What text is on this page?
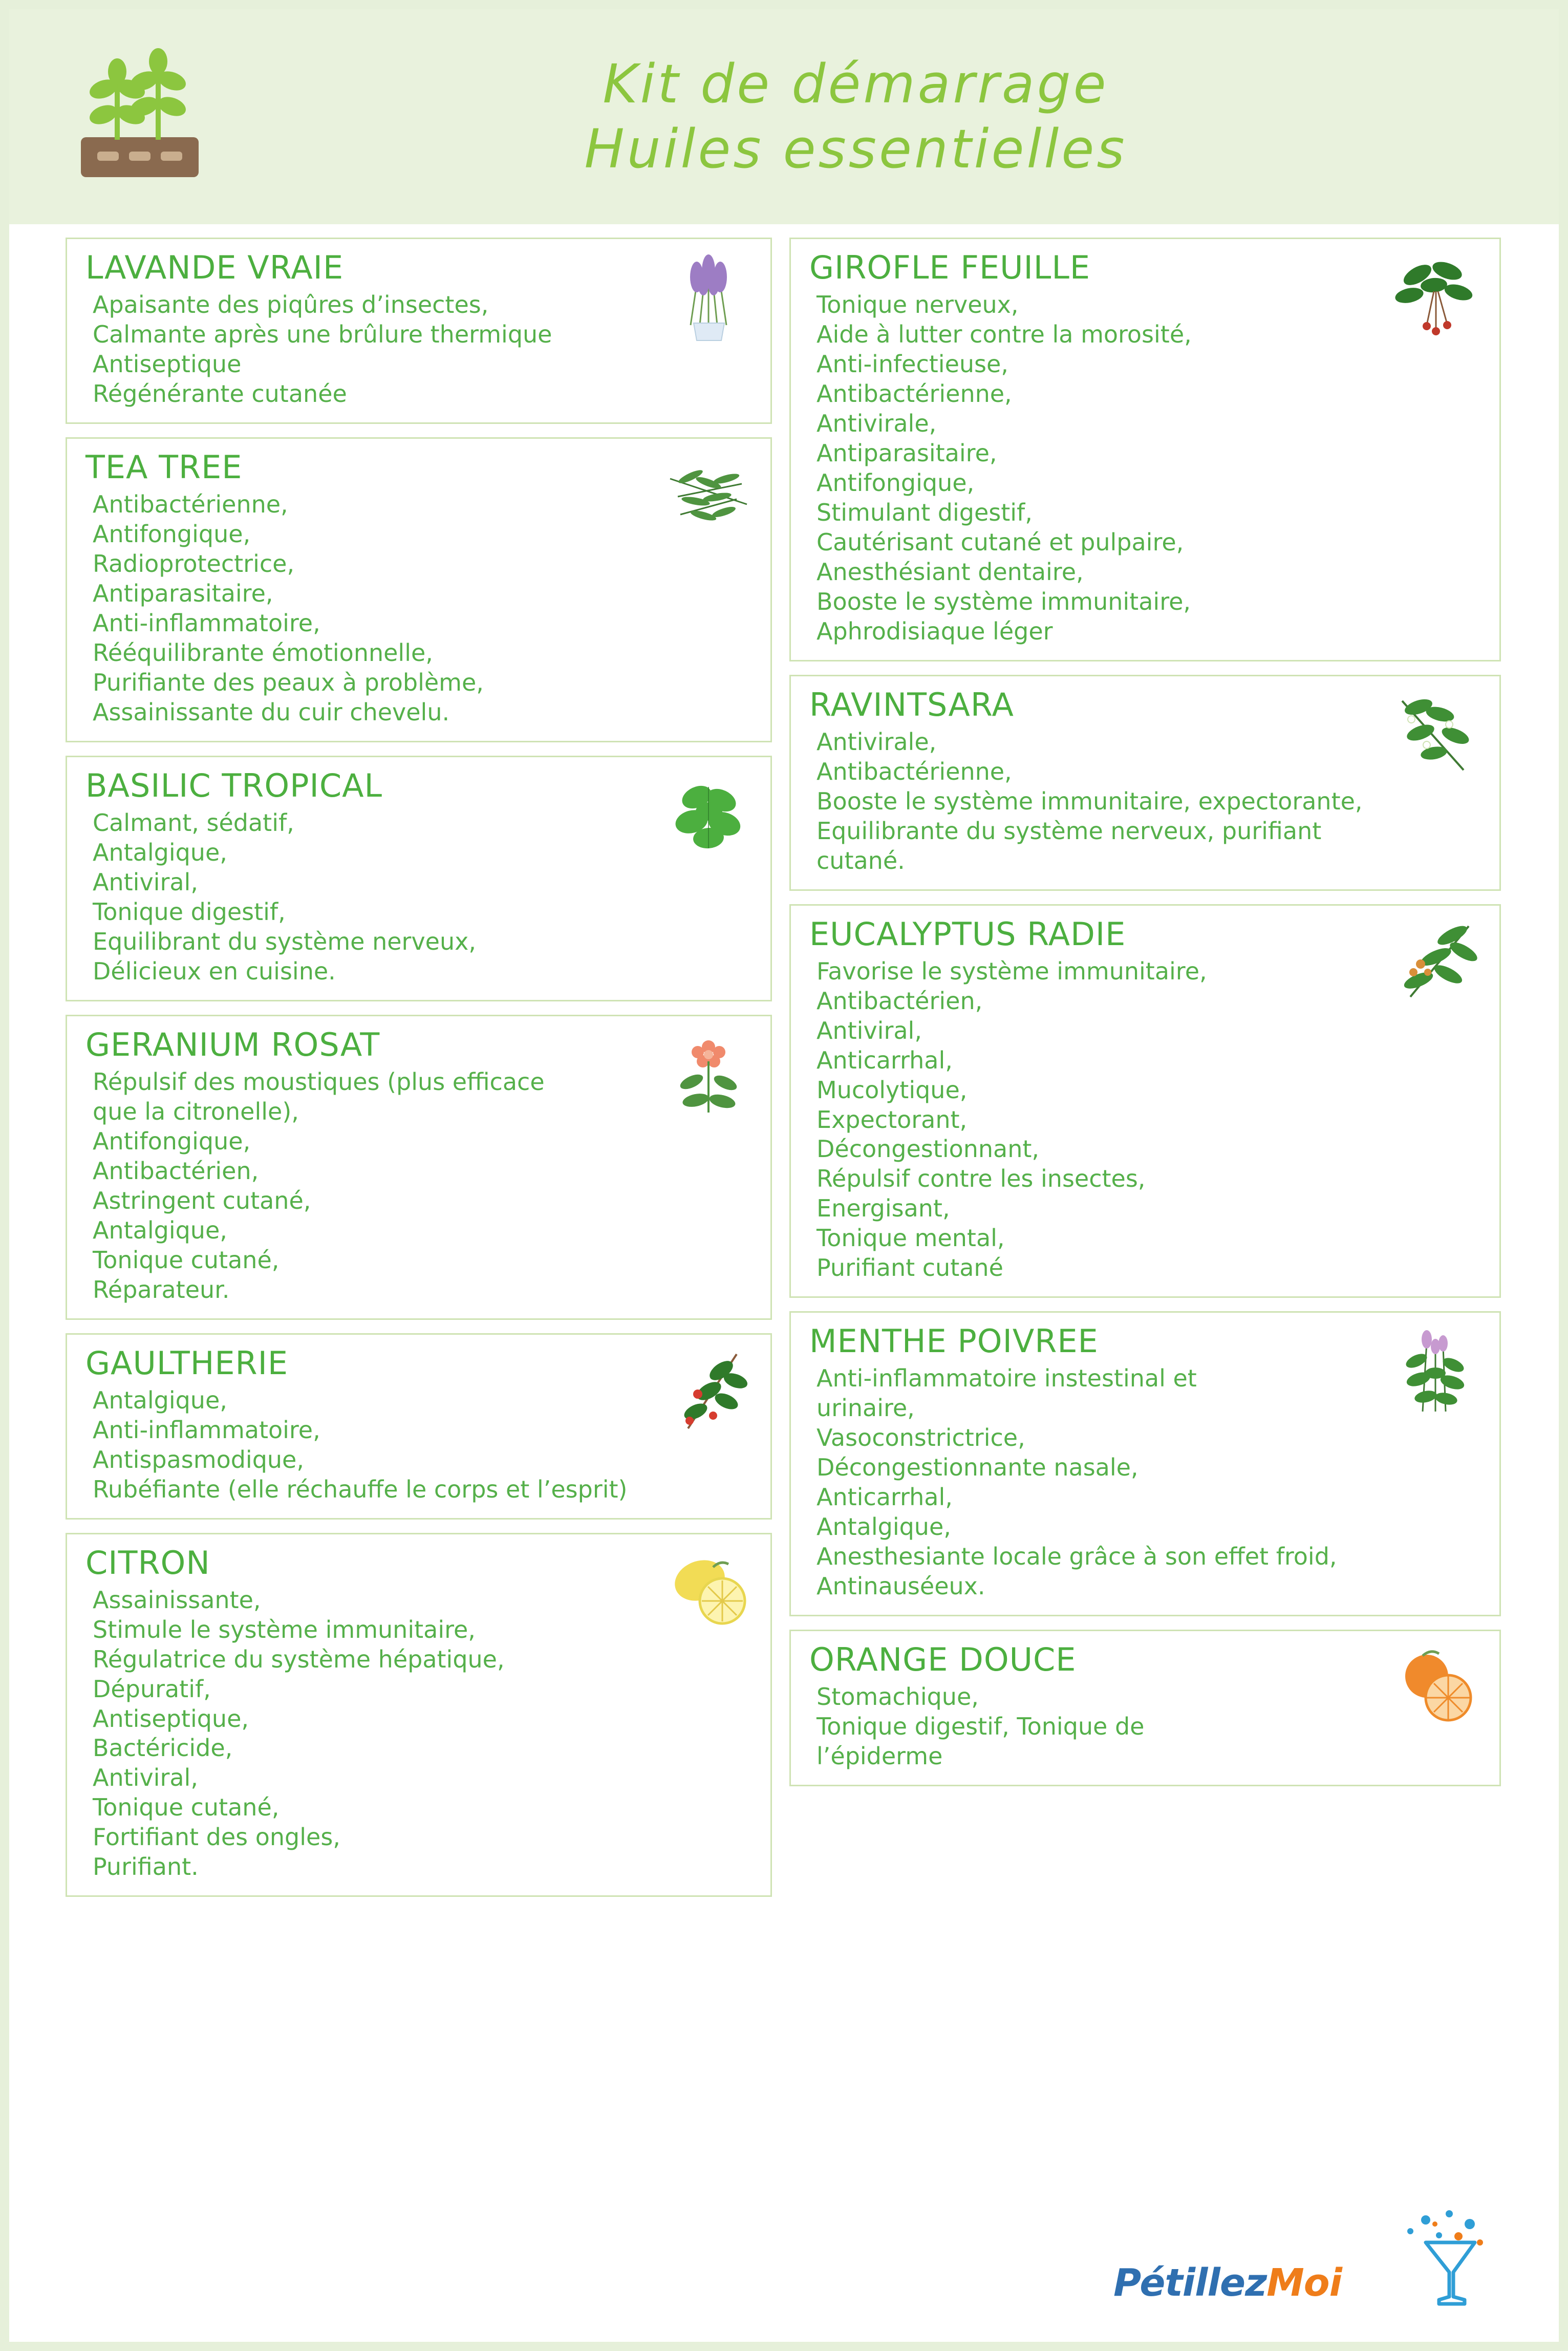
Kit de démarrage
Huiles essentielles
LAVANDE VRAIE
Apaisante des piqûres d’insectes,
Calmante après une brûlure thermique
Antiseptique
Régénérante cutanée
TEA TREE
Antibactérienne,
Antifongique,
Radioprotectrice,
Antiparasitaire,
Anti-inflammatoire,
Rééquilibrante émotionnelle,
Purifiante des peaux à problème,
Assainissante du cuir chevelu.
BASILIC TROPICAL
Calmant, sédatif,
Antalgique,
Antiviral,
Tonique digestif,
Equilibrant du système nerveux,
Délicieux en cuisine.
GERANIUM ROSAT
Répulsif des moustiques (plus efficace
que la citronelle),
Antifongique,
Antibactérien,
Astringent cutané,
Antalgique,
Tonique cutané,
Réparateur.
GAULTHERIE
Antalgique,
Anti-inflammatoire,
Antispasmodique,
Rubéfiante (elle réchauffe le corps et l’esprit)
CITRON
Assainissante,
Stimule le système immunitaire,
Régulatrice du système hépatique,
Dépuratif,
Antiseptique,
Bactéricide,
Antiviral,
Tonique cutané,
Fortifiant des ongles,
Purifiant.
GIROFLE FEUILLE
Tonique nerveux,
Aide à lutter contre la morosité,
Anti-infectieuse,
Antibactérienne,
Antivirale,
Antiparasitaire,
Antifongique,
Stimulant digestif,
Cautérisant cutané et pulpaire,
Anesthésiant dentaire,
Booste le système immunitaire,
Aphrodisiaque léger
RAVINTSARA
Antivirale,
Antibactérienne,
Booste le système immunitaire, expectorante,
Equilibrante du système nerveux, purifiant
cutané.
EUCALYPTUS RADIE
Favorise le système immunitaire,
Antibactérien,
Antiviral,
Anticarrhal,
Mucolytique,
Expectorant,
Décongestionnant,
Répulsif contre les insectes,
Energisant,
Tonique mental,
Purifiant cutané
MENTHE POIVREE
Anti-inflammatoire instestinal et
urinaire,
Vasoconstrictrice,
Décongestionnante nasale,
Anticarrhal,
Antalgique,
Anesthesiante locale grâce à son effet froid,
Antinauséeux.
ORANGE DOUCE
Stomachique,
Tonique digestif, Tonique de
l’épiderme
PétillezMoi
